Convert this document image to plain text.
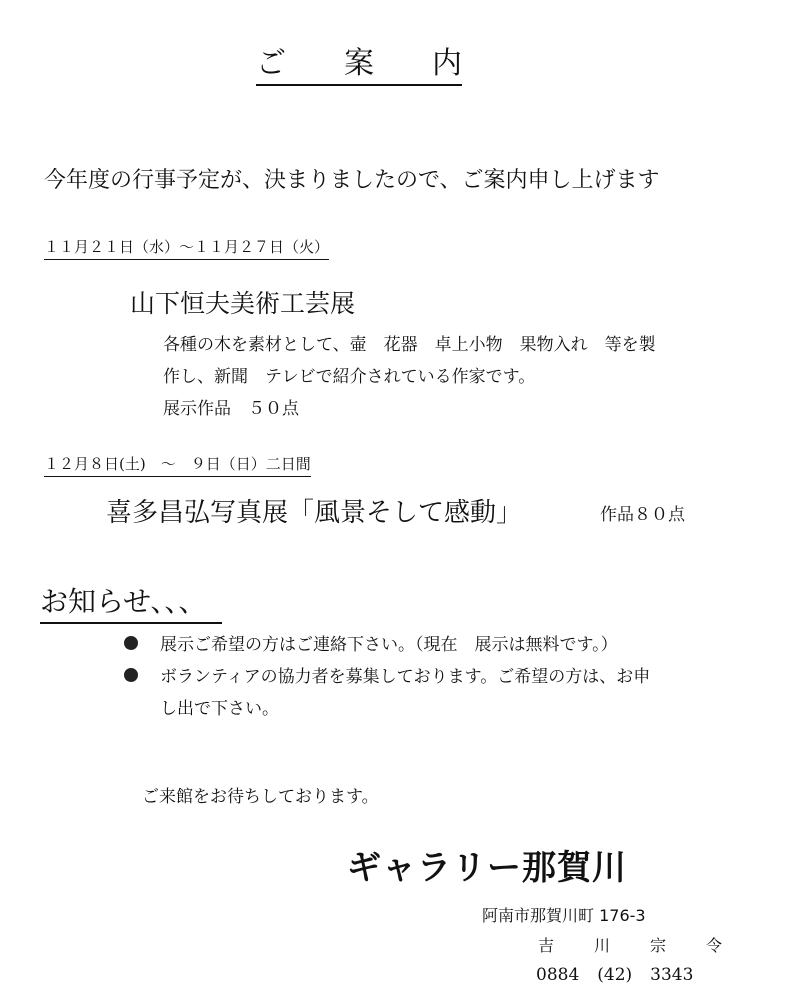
ご 案 内
今年度の行事予定が、決まりましたので、ご案内申し上げます
１１月２１日（水）～１１月２７日（火）
山下恒夫美術工芸展
各種の木を素材として、壷　花器　卓上小物　果物入れ　等を製
作し、新聞　テレビで紹介されている作家です。
展示作品　５０点
１２月８日(土)　～　９日（日）二日間
喜多昌弘写真展「風景そして感動」	作品８０点
お知らせ、、、
展示ご希望の方はご連絡下さい。（現在　展示は無料です。）
ボランティアの協力者を募集しております。ご希望の方は、お申
し出で下さい。
ご来館をお待ちしております。
ギャラリー那賀川
阿南市那賀川町 176-3
吉	川	宗	令
0884 (42) 3343
